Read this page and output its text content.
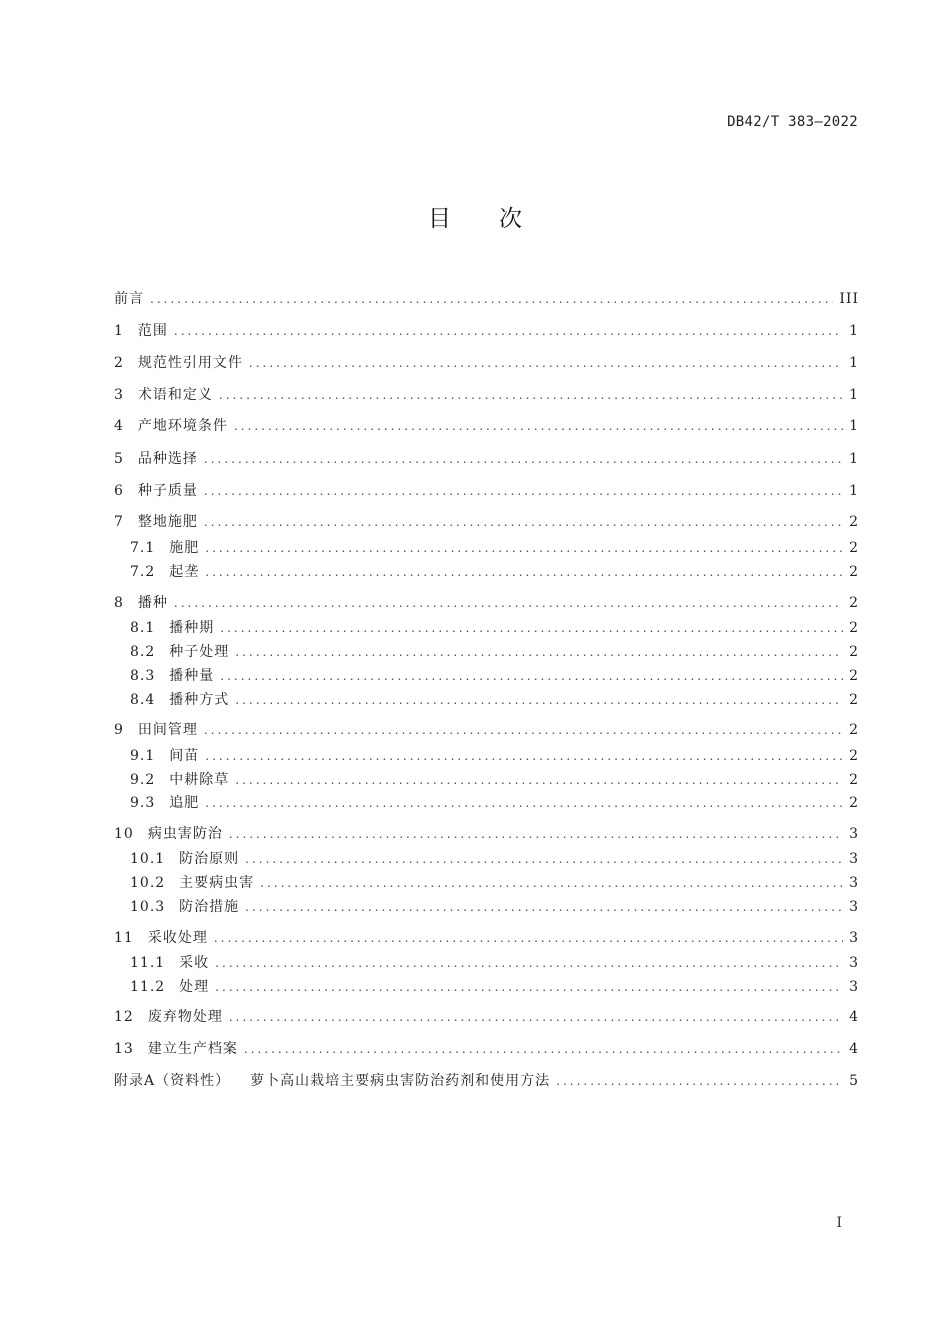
DB42/T 383—2022
目次
前言 .....	III
1 范围 .....	1
2 规范性引用文件 .....	1
3 术语和定义 .....	1
4 产地环境条件 .....	1
5 品种选择 .....	1
6 种子质量 .....	1
7 整地施肥 .....	2
7.1 施肥 .....	2
7.2 起垄 .....	2
8 播种 .....	2
8.1 播种期 .....	2
8.2 种子处理 .....	2
8.3 播种量 .....	2
8.4 播种方式 .....	2
9 田间管理 .....	2
9.1 间苗 .....	2
9.2 中耕除草 .....	2
9.3 追肥 .....	2
10 病虫害防治 .....	3
10.1 防治原则 .....	3
10.2 主要病虫害 .....	3
10.3 防治措施 .....	3
11 采收处理 .....	3
11.1 采收 .....	3
11.2 处理 .....	3
12 废弃物处理 .....	4
13 建立生产档案 .....	4
附录A（资料性） 萝卜高山栽培主要病虫害防治药剂和使用方法 .....	5
I
